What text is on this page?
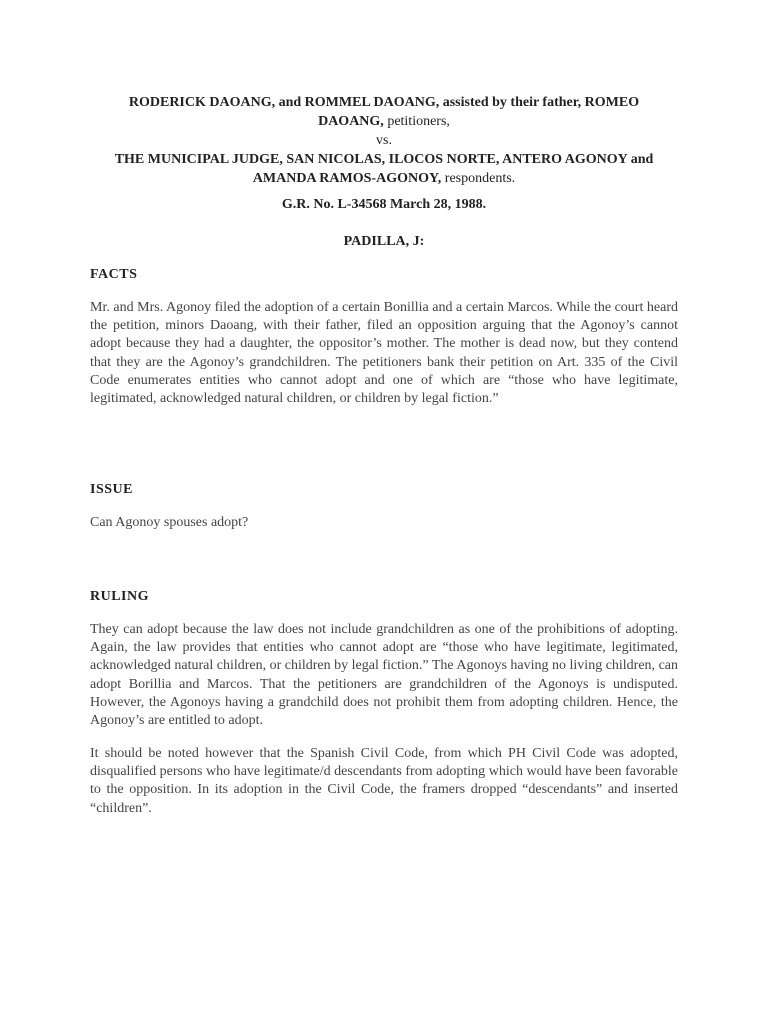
RODERICK DAOANG, and ROMMEL DAOANG, assisted by their father, ROMEO
DAOANG, petitioners,
vs.
THE MUNICIPAL JUDGE, SAN NICOLAS, ILOCOS NORTE, ANTERO AGONOY and
AMANDA RAMOS-AGONOY, respondents.
G.R. No. L-34568 March 28, 1988.
PADILLA, J:
FACTS
Mr. and Mrs. Agonoy filed the adoption of a certain Bonillia and a certain Marcos. While the court heard the petition, minors Daoang, with their father, filed an opposition arguing that the Agonoy’s cannot adopt because they had a daughter, the oppositor’s mother. The mother is dead now, but they contend that they are the Agonoy’s grandchildren. The petitioners bank their petition on Art. 335 of the Civil Code enumerates entities who cannot adopt and one of which are “those who have legitimate, legitimated, acknowledged natural children, or children by legal fiction.”
ISSUE
Can Agonoy spouses adopt?
RULING
They can adopt because the law does not include grandchildren as one of the prohibitions of adopting. Again, the law provides that entities who cannot adopt are “those who have legitimate, legitimated, acknowledged natural children, or children by legal fiction.” The Agonoys having no living children, can adopt Borillia and Marcos. That the petitioners are grandchildren of the Agonoys is undisputed. However, the Agonoys having a grandchild does not prohibit them from adopting children. Hence, the Agonoy’s are entitled to adopt.
It should be noted however that the Spanish Civil Code, from which PH Civil Code was adopted, disqualified persons who have legitimate/d descendants from adopting which would have been favorable to the opposition. In its adoption in the Civil Code, the framers dropped “descendants” and inserted “children”.
